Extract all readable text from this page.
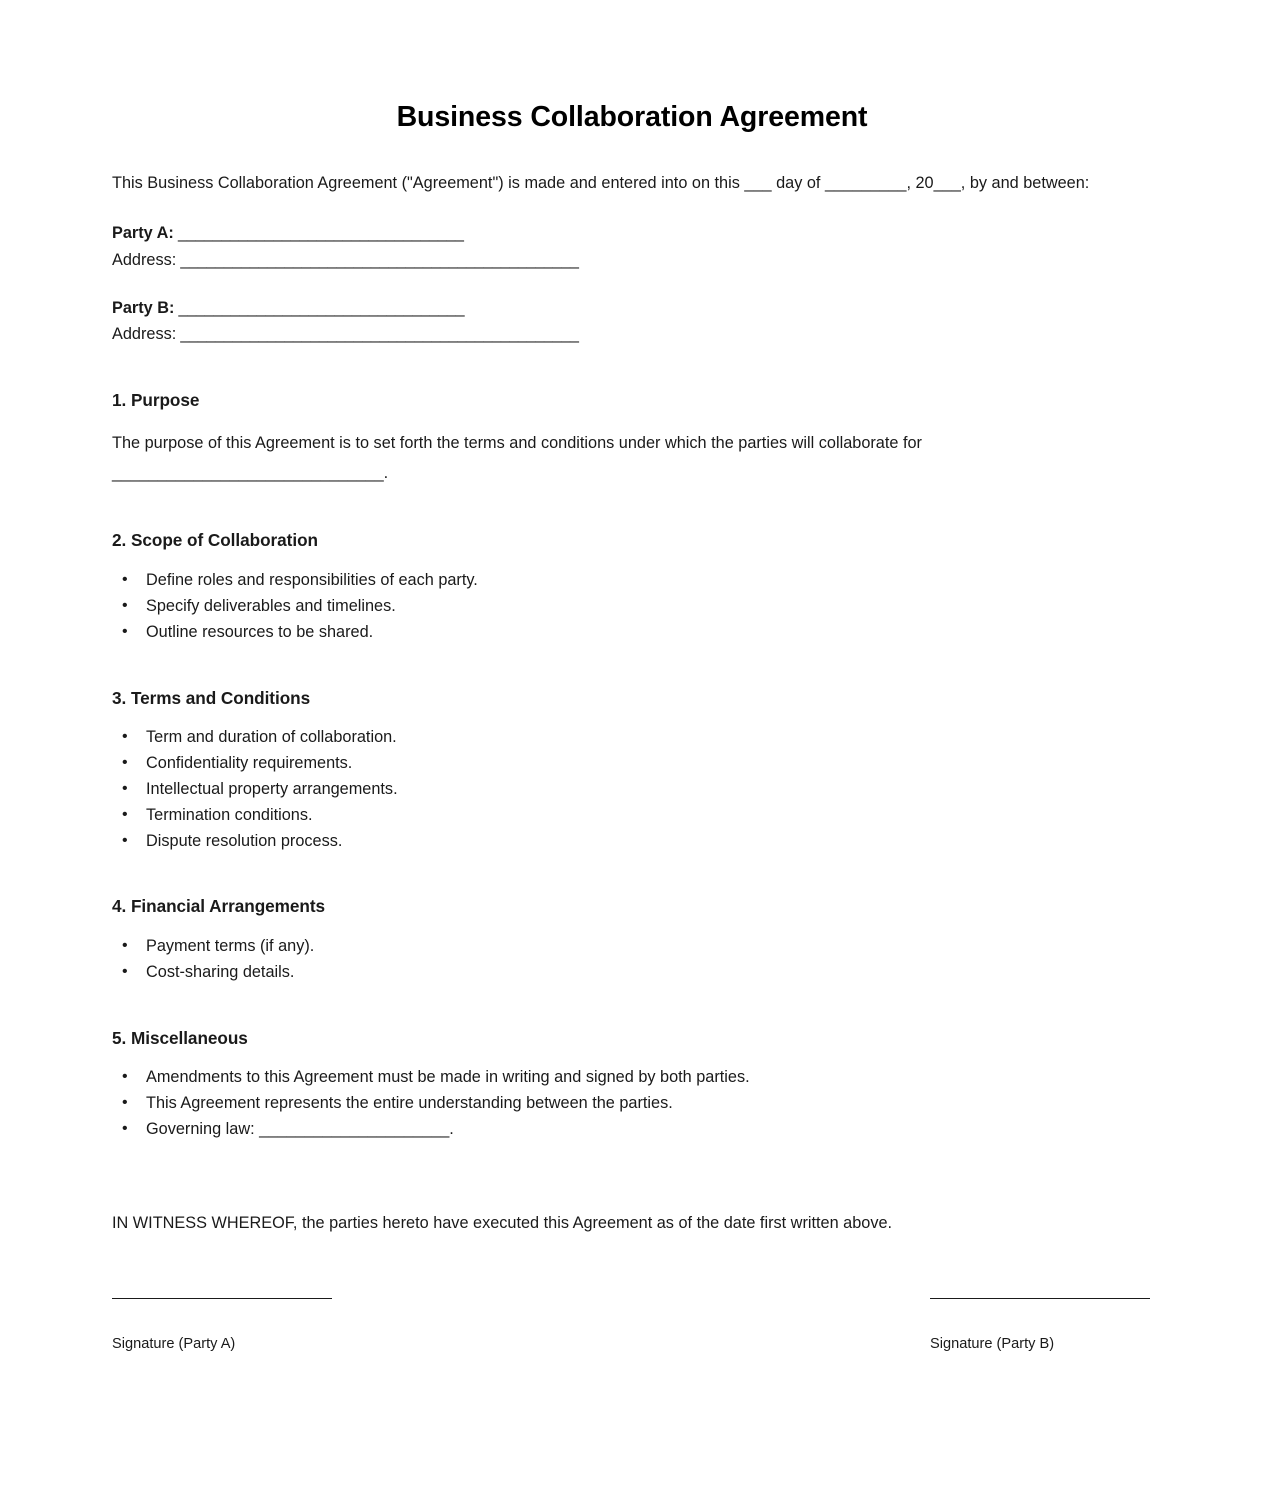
Business Collaboration Agreement

This Business Collaboration Agreement ("Agreement") is made and entered into on this ___ day of _________, 20___, by and between:

Party A: _________________________________

Address: ______________________________________________

Party B: _________________________________

Address: ______________________________________________

1. Purpose

The purpose of this Agreement is to set forth the terms and conditions under which the parties will collaborate for ______________________________.

2. Scope of Collaboration
• Define roles and responsibilities of each party.
• Specify deliverables and timelines.
• Outline resources to be shared.
3. Terms and Conditions
• Term and duration of collaboration.
• Confidentiality requirements.
• Intellectual property arrangements.
• Termination conditions.
• Dispute resolution process.
4. Financial Arrangements
• Payment terms (if any).
• Cost-sharing details.
5. Miscellaneous
• Amendments to this Agreement must be made in writing and signed by both parties.
• This Agreement represents the entire understanding between the parties.
• Governing law: _____________________.

IN WITNESS WHEREOF, the parties hereto have executed this Agreement as of the date first written above.

Signature (Party A)	Signature (Party B)
